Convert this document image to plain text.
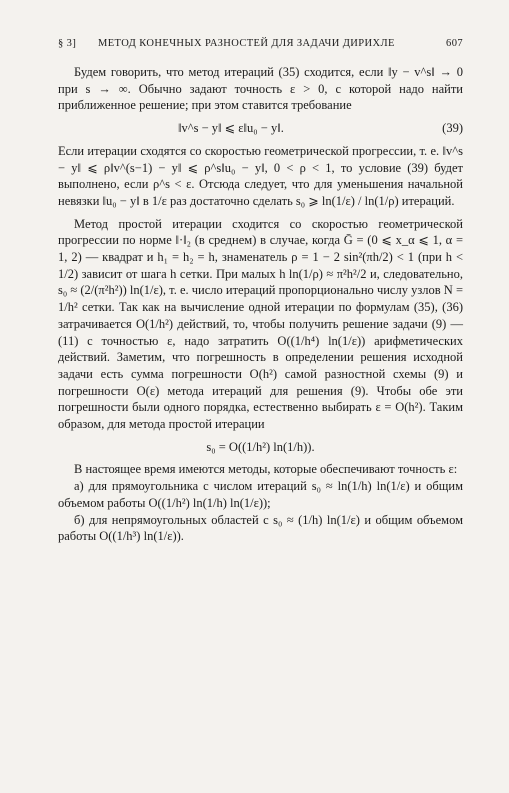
§ 3] МЕТОД КОНЕЧНЫХ РАЗНОСТЕЙ ДЛЯ ЗАДАЧИ ДИРИХЛЕ	607

Будем говорить, что метод итераций (35) сходится, если ‖y − v^s‖ → 0 при s → ∞. Обычно задают точность ε > 0, с которой надо найти приближенное решение; при этом ставится требование

‖v^s − y‖ ⩽ ε‖u₀ − y‖.	(39)

Если итерации сходятся со скоростью геометрической прогрессии, т. е. ‖v^s − y‖ ⩽ ρ‖v^(s−1) − y‖ ⩽ ρ^s‖u₀ − y‖, 0 < ρ < 1, то условие (39) будет выполнено, если ρ^s < ε. Отсюда следует, что для уменьшения начальной невязки ‖u₀ − y‖ в 1/ε раз достаточно сделать s₀ ⩾ ln(1/ε) / ln(1/ρ) итераций.

Метод простой итерации сходится со скоростью геометрической прогрессии по норме ‖·‖₂ (в среднем) в случае, когда Ḡ = (0 ⩽ x_α ⩽ 1, α = 1, 2) — квадрат и h₁ = h₂ = h, знаменатель ρ = 1 − 2 sin²(πh/2) < 1 (при h < 1/2) зависит от шага h сетки. При малых h ln(1/ρ) ≈ π²h²/2 и, следовательно, s₀ ≈ (2/(π²h²)) ln(1/ε), т. е. число итераций пропорционально числу узлов N = 1/h² сетки. Так как на вычисление одной итерации по формулам (35), (36) затрачивается O(1/h²) действий, то, чтобы получить решение задачи (9) — (11) с точностью ε, надо затратить O((1/h⁴) ln(1/ε)) арифметических действий. Заметим, что погрешность в определении решения исходной задачи есть сумма погрешности O(h²) самой разностной схемы (9) и погрешности O(ε) метода итераций для решения (9). Чтобы обе эти погрешности были одного порядка, естественно выбирать ε = O(h²). Таким образом, для метода простой итерации

s₀ = O((1/h²) ln(1/h)).

В настоящее время имеются методы, которые обеспечивают точность ε:

а) для прямоугольника с числом итераций s₀ ≈ ln(1/h) ln(1/ε) и общим объемом работы O((1/h²) ln(1/h) ln(1/ε));

б) для непрямоугольных областей с s₀ ≈ (1/h) ln(1/ε) и общим объемом работы O((1/h³) ln(1/ε)).
